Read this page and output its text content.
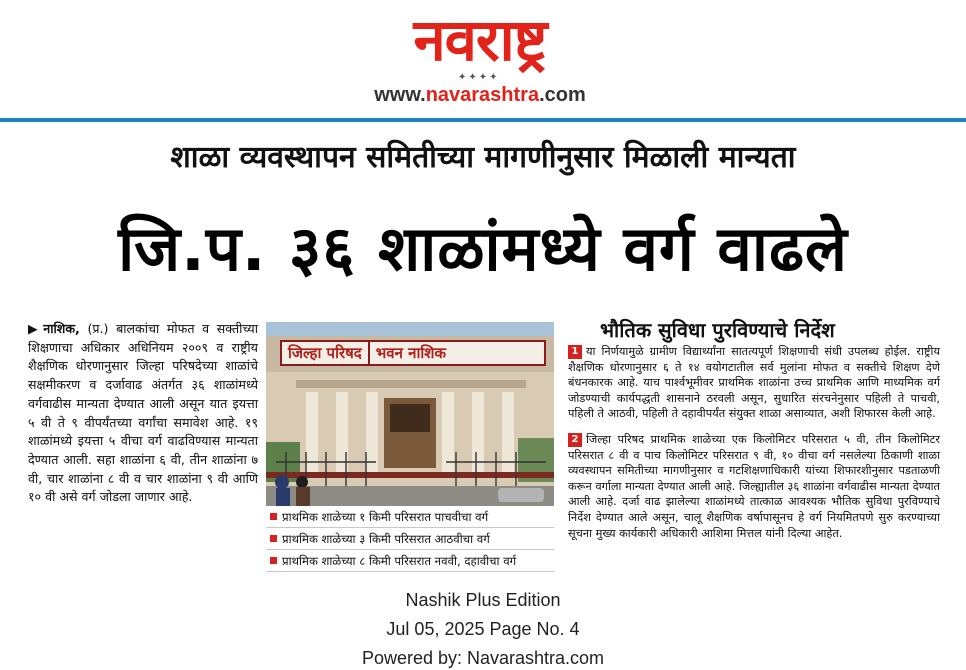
नवराष्ट्र
✦✦✦✦
www.navarashtra.com
शाळा व्यवस्थापन समितीच्या मागणीनुसार मिळाली मान्यता
जि.प. ३६ शाळांमध्ये वर्ग वाढले
▶ नाशिक, (प्र.) बालकांचा मोफत व सक्तीच्या शिक्षणाचा अधिकार अधिनियम २००९ व राष्ट्रीय शैक्षणिक धोरणानुसार जिल्हा परिषदेच्या शाळांचे सक्षमीकरण व दर्जावाढ अंतर्गत ३६ शाळांमध्ये वर्गवाढीस मान्यता देण्यात आली असून यात इयत्ता ५ वी ते ९ वीपर्यंतच्या वर्गांचा समावेश आहे. १९ शाळांमध्ये इयत्ता ५ वीचा वर्ग वाढविण्यास मान्यता देण्यात आली. सहा शाळांना ६ वी, तीन शाळांना ७ वी, चार शाळांना ८ वी व चार शाळांना ९ वी आणि १० वी असे वर्ग जोडला जाणार आहे.
जिल्हा परिषद भवन नाशिक
प्राथमिक शाळेच्या १ किमी परिसरात पाचवीचा वर्ग
प्राथमिक शाळेच्या ३ किमी परिसरात आठवीचा वर्ग
प्राथमिक शाळेच्या ८ किमी परिसरात नववी, दहावीचा वर्ग
भौतिक सुविधा पुरविण्याचे निर्देश
1 या निर्णयामुळे ग्रामीण विद्यार्थ्यांना सातत्यपूर्ण शिक्षणाची संधी उपलब्ध होईल. राष्ट्रीय शैक्षणिक धोरणानुसार ६ ते १४ वयोगटातील सर्व मुलांना मोफत व सक्तीचे शिक्षण देणे बंधनकारक आहे. याच पार्श्वभूमीवर प्राथमिक शाळांना उच्च प्राथमिक आणि माध्यमिक वर्ग जोडण्याची कार्यपद्धती शासनाने ठरवली असून, सुधारित संरचनेनुसार पहिली ते पाचवी, पहिली ते आठवी, पहिली ते दहावीपर्यंत संयुक्त शाळा असाव्यात, अशी शिफारस केली आहे.
2 जिल्हा परिषद प्राथमिक शाळेच्या एक किलोमिटर परिसरात ५ वी, तीन किलोमिटर परिसरात ८ वी व पाच किलोमिटर परिसरात ९ वी, १० वीचा वर्ग नसलेल्या ठिकाणी शाळा व्यवस्थापन समितीच्या मागणीनुसार व गटशिक्षणाधिकारी यांच्या शिफारशीनुसार पडताळणी करून वर्गाला मान्यता देण्यात आली आहे. जिल्ह्यातील ३६ शाळांना वर्गवाढीस मान्यता देण्यात आली आहे. दर्जा वाढ झालेल्या शाळांमध्ये तात्काळ आवश्यक भौतिक सुविधा पुरविण्याचे निर्देश देण्यात आले असून, चालू शैक्षणिक वर्षापासूनच हे वर्ग नियमितपणे सुरु करण्याच्या सूचना मुख्य कार्यकारी अधिकारी आशिमा मित्तल यांनी दिल्या आहेत.
Nashik Plus Edition
Jul 05, 2025 Page No. 4
Powered by: Navarashtra.com
